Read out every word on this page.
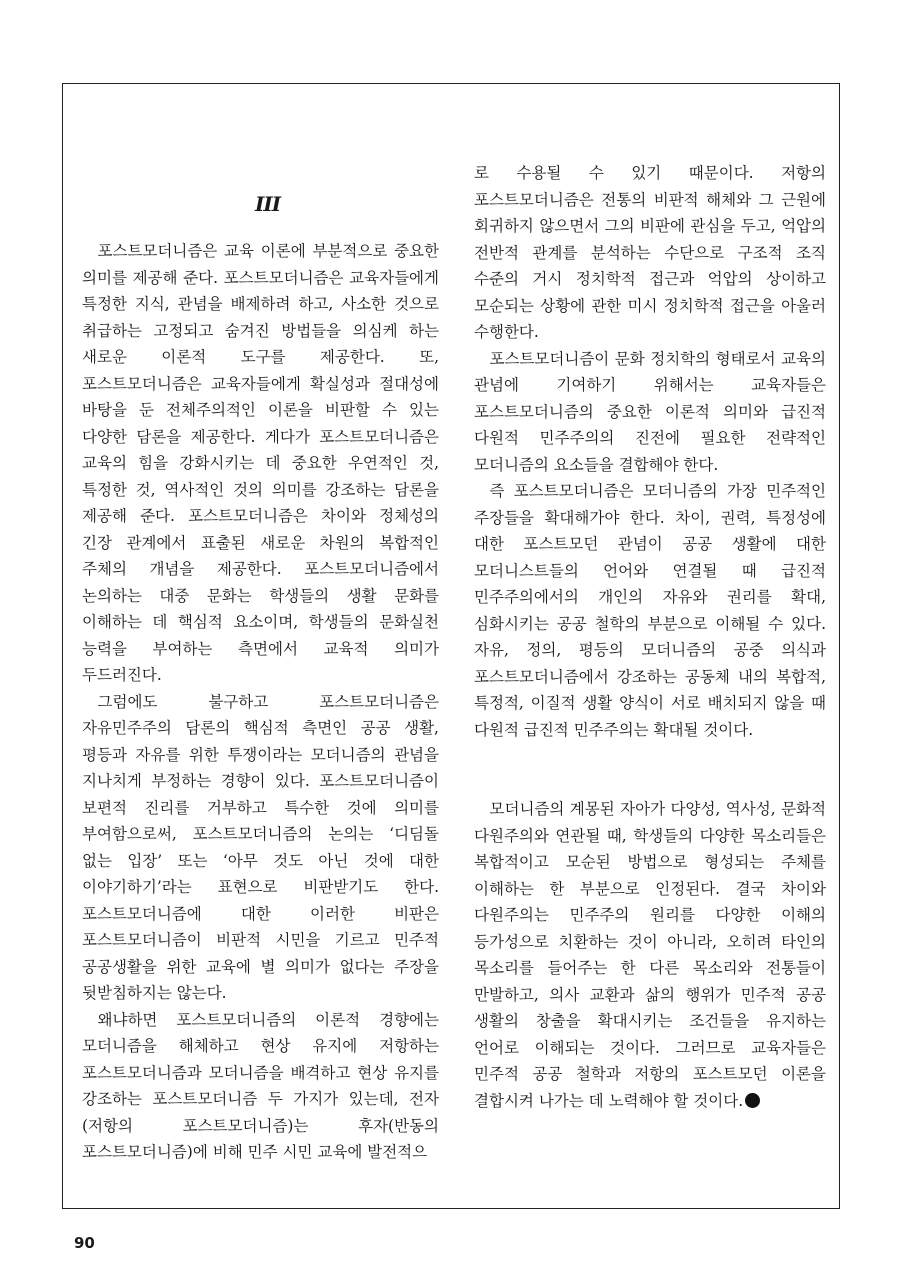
III

포스트모더니즘은 교육 이론에 부분적으로 중요한 의미를 제공해 준다. 포스트모더니즘은 교육자들에게 특정한 지식, 관념을 배제하려 하고, 사소한 것으로 취급하는 고정되고 숨겨진 방법들을 의심케 하는 새로운 이론적 도구를 제공한다. 또, 포스트모더니즘은 교육자들에게 확실성과 절대성에 바탕을 둔 전체주의적인 이론을 비판할 수 있는 다양한 담론을 제공한다. 게다가 포스트모더니즘은 교육의 힘을 강화시키는 데 중요한 우연적인 것, 특정한 것, 역사적인 것의 의미를 강조하는 담론을 제공해 준다. 포스트모더니즘은 차이와 정체성의 긴장 관계에서 표출된 새로운 차원의 복합적인 주체의 개념을 제공한다. 포스트모더니즘에서 논의하는 대중 문화는 학생들의 생활 문화를 이해하는 데 핵심적 요소이며, 학생들의 문화실천 능력을 부여하는 측면에서 교육적 의미가 두드러진다.

그럼에도 불구하고 포스트모더니즘은 자유민주주의 담론의 핵심적 측면인 공공 생활, 평등과 자유를 위한 투쟁이라는 모더니즘의 관념을 지나치게 부정하는 경향이 있다. 포스트모더니즘이 보편적 진리를 거부하고 특수한 것에 의미를 부여함으로써, 포스트모더니즘의 논의는 ‘디딤돌 없는 입장’ 또는 ‘아무 것도 아닌 것에 대한 이야기하기’라는 표현으로 비판받기도 한다. 포스트모더니즘에 대한 이러한 비판은 포스트모더니즘이 비판적 시민을 기르고 민주적 공공생활을 위한 교육에 별 의미가 없다는 주장을 뒷받침하지는 않는다.

왜냐하면 포스트모더니즘의 이론적 경향에는 모더니즘을 해체하고 현상 유지에 저항하는 포스트모더니즘과 모더니즘을 배격하고 현상 유지를 강조하는 포스트모더니즘 두 가지가 있는데, 전자(저항의 포스트모더니즘)는 후자(반동의 포스트모더니즘)에 비해 민주 시민 교육에 발전적으

로 수용될 수 있기 때문이다. 저항의 포스트모더니즘은 전통의 비판적 해체와 그 근원에 회귀하지 않으면서 그의 비판에 관심을 두고, 억압의 전반적 관계를 분석하는 수단으로 구조적 조직 수준의 거시 정치학적 접근과 억압의 상이하고 모순되는 상황에 관한 미시 정치학적 접근을 아울러 수행한다.

포스트모더니즘이 문화 정치학의 형태로서 교육의 관념에 기여하기 위해서는 교육자들은 포스트모더니즘의 중요한 이론적 의미와 급진적 다원적 민주주의의 진전에 필요한 전략적인 모더니즘의 요소들을 결합해야 한다.

즉 포스트모더니즘은 모더니즘의 가장 민주적인 주장들을 확대해가야 한다. 차이, 권력, 특정성에 대한 포스트모던 관념이 공공 생활에 대한 모더니스트들의 언어와 연결될 때 급진적 민주주의에서의 개인의 자유와 권리를 확대, 심화시키는 공공 철학의 부분으로 이해될 수 있다. 자유, 정의, 평등의 모더니즘의 공중 의식과 포스트모더니즘에서 강조하는 공동체 내의 복합적, 특정적, 이질적 생활 양식이 서로 배치되지 않을 때 다원적 급진적 민주주의는 확대될 것이다.

모더니즘의 계몽된 자아가 다양성, 역사성, 문화적 다원주의와 연관될 때, 학생들의 다양한 목소리들은 복합적이고 모순된 방법으로 형성되는 주체를 이해하는 한 부분으로 인정된다. 결국 차이와 다원주의는 민주주의 원리를 다양한 이해의 등가성으로 치환하는 것이 아니라, 오히려 타인의 목소리를 들어주는 한 다른 목소리와 전통들이 만발하고, 의사 교환과 삶의 행위가 민주적 공공 생활의 창출을 확대시키는 조건들을 유지하는 언어로 이해되는 것이다. 그러므로 교육자들은 민주적 공공 철학과 저항의 포스트모던 이론을 결합시켜 나가는 데 노력해야 할 것이다.

90
